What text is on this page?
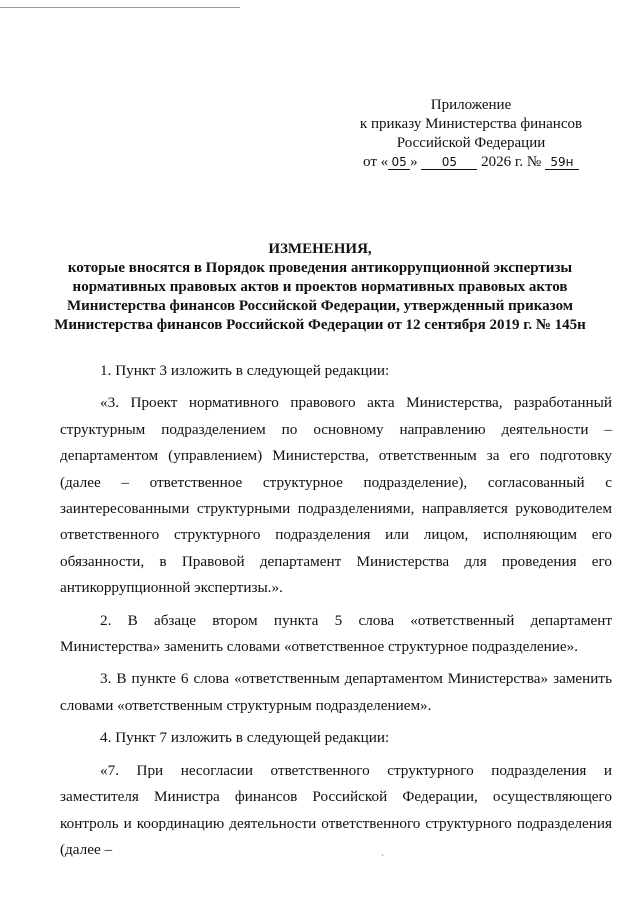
Приложение
к приказу Министерства финансов
Российской Федерации
от « 05 » 05 2026 г. № 59н
ИЗМЕНЕНИЯ,
которые вносятся в Порядок проведения антикоррупционной экспертизы
нормативных правовых актов и проектов нормативных правовых актов
Министерства финансов Российской Федерации, утвержденный приказом
Министерства финансов Российской Федерации от 12 сентября 2019 г. № 145н

1. Пункт 3 изложить в следующей редакции:

«3. Проект нормативного правового акта Министерства, разработанный структурным подразделением по основному направлению деятельности – департаментом (управлением) Министерства, ответственным за его подготовку (далее – ответственное структурное подразделение), согласованный с заинтересованными структурными подразделениями, направляется руководителем ответственного структурного подразделения или лицом, исполняющим его обязанности, в Правовой департамент Министерства для проведения его антикоррупционной экспертизы.».

2. В абзаце втором пункта 5 слова «ответственный департамент Министерства» заменить словами «ответственное структурное подразделение».

3. В пункте 6 слова «ответственным департаментом Министерства» заменить словами «ответственным структурным подразделением».

4. Пункт 7 изложить в следующей редакции:

«7. При несогласии ответственного структурного подразделения и заместителя Министра финансов Российской Федерации, осуществляющего контроль и координацию деятельности ответственного структурного подразделения (далее –

`
